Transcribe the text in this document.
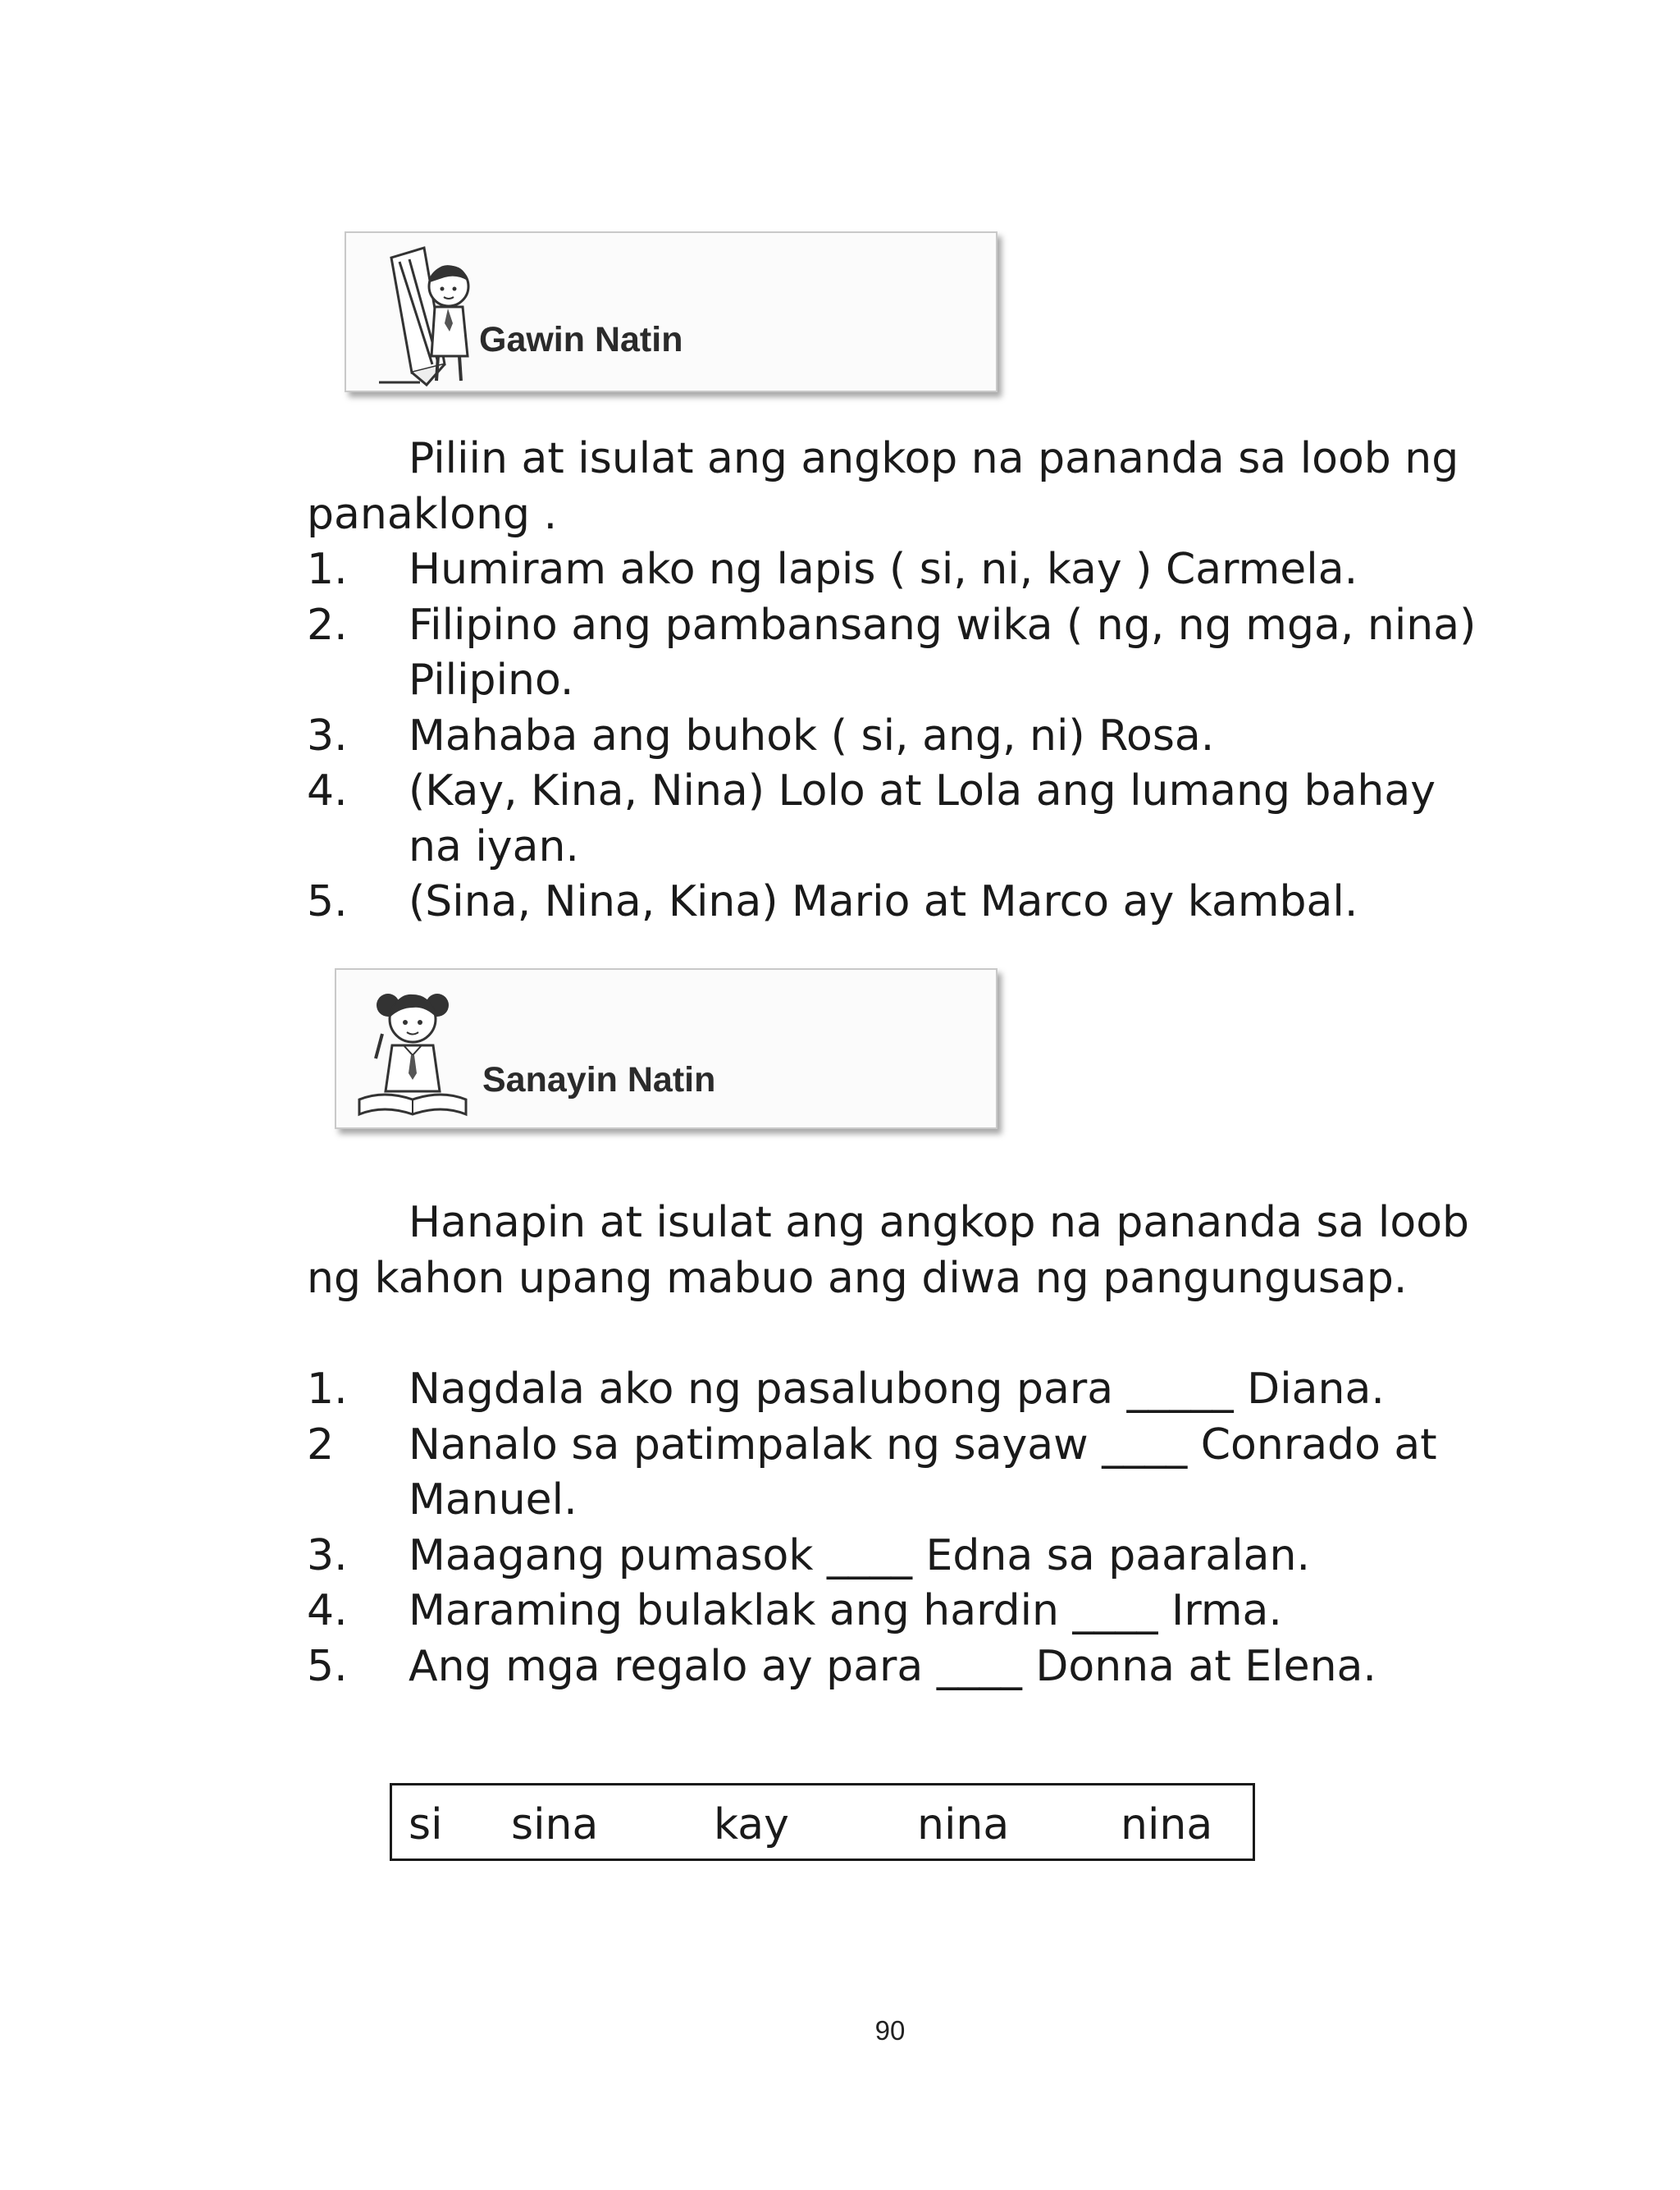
Gawin Natin

Piliin at isulat ang angkop na pananda sa loob ng panaklong .

1. Humiram ako ng lapis ( si, ni, kay ) Carmela.
2. Filipino ang pambansang wika ( ng, ng mga, nina) Pilipino.
3. Mahaba ang buhok ( si, ang, ni) Rosa.
4. (Kay, Kina, Nina) Lolo at Lola ang lumang bahay na iyan.
5. (Sina, Nina, Kina) Mario at Marco ay kambal.
Sanayin Natin

Hanapin at isulat ang angkop na pananda sa loob ng kahon upang mabuo ang diwa ng pangungusap.

1. Nagdala ako ng pasalubong para _____ Diana.
2 Nanalo sa patimpalak ng sayaw ____ Conrado at Manuel.
3. Maagang pumasok ____ Edna sa paaralan.
4. Maraming bulaklak ang hardin ____ Irma.
5. Ang mga regalo ay para ____ Donna at Elena.
si sina	kay	nina	nina
90
